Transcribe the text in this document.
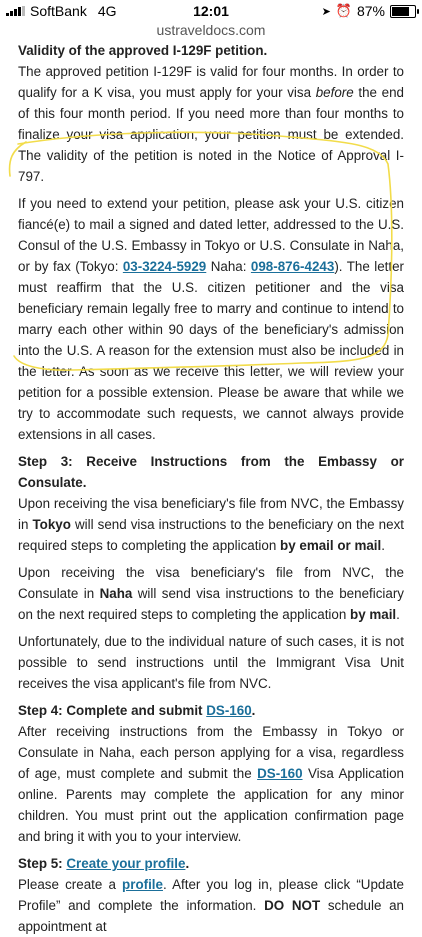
SoftBank 4G	12:01	➤ ⏰ 87%
ustraveldocs.com

Validity of the approved I-129F petition.

The approved petition I-129F is valid for four months. In order to qualify for a K visa, you must apply for your visa before the end of this four month period. If you need more than four months to finalize your visa application, your petition must be extended. The validity of the petition is noted in the Notice of Approval I-797.

If you need to extend your petition, please ask your U.S. citizen fiancé(e) to mail a signed and dated letter, addressed to the U.S. Consul of the U.S. Embassy in Tokyo or U.S. Consulate in Naha, or by fax (Tokyo: 03-3224-5929 Naha: 098-876-4243). The letter must reaffirm that the U.S. citizen petitioner and the visa beneficiary remain legally free to marry and continue to intend to marry each other within 90 days of the beneficiary's admission into the U.S. A reason for the extension must also be included in the letter. As soon as we receive this letter, we will review your petition for a possible extension. Please be aware that while we try to accommodate such requests, we cannot always provide extensions in all cases.

Step 3: Receive Instructions from the Embassy or Consulate.

Upon receiving the visa beneficiary's file from NVC, the Embassy in Tokyo will send visa instructions to the beneficiary on the next required steps to completing the application by email or mail.

Upon receiving the visa beneficiary's file from NVC, the Consulate in Naha will send visa instructions to the beneficiary on the next required steps to completing the application by mail.

Unfortunately, due to the individual nature of such cases, it is not possible to send instructions until the Immigrant Visa Unit receives the visa applicant's file from NVC.

Step 4: Complete and submit DS-160.

After receiving instructions from the Embassy in Tokyo or Consulate in Naha, each person applying for a visa, regardless of age, must complete and submit the DS-160 Visa Application online. Parents may complete the application for any minor children. You must print out the application confirmation page and bring it with you to your interview.

Step 5: Create your profile.

Please create a profile. After you log in, please click “Update Profile” and complete the information. DO NOT schedule an appointment at
